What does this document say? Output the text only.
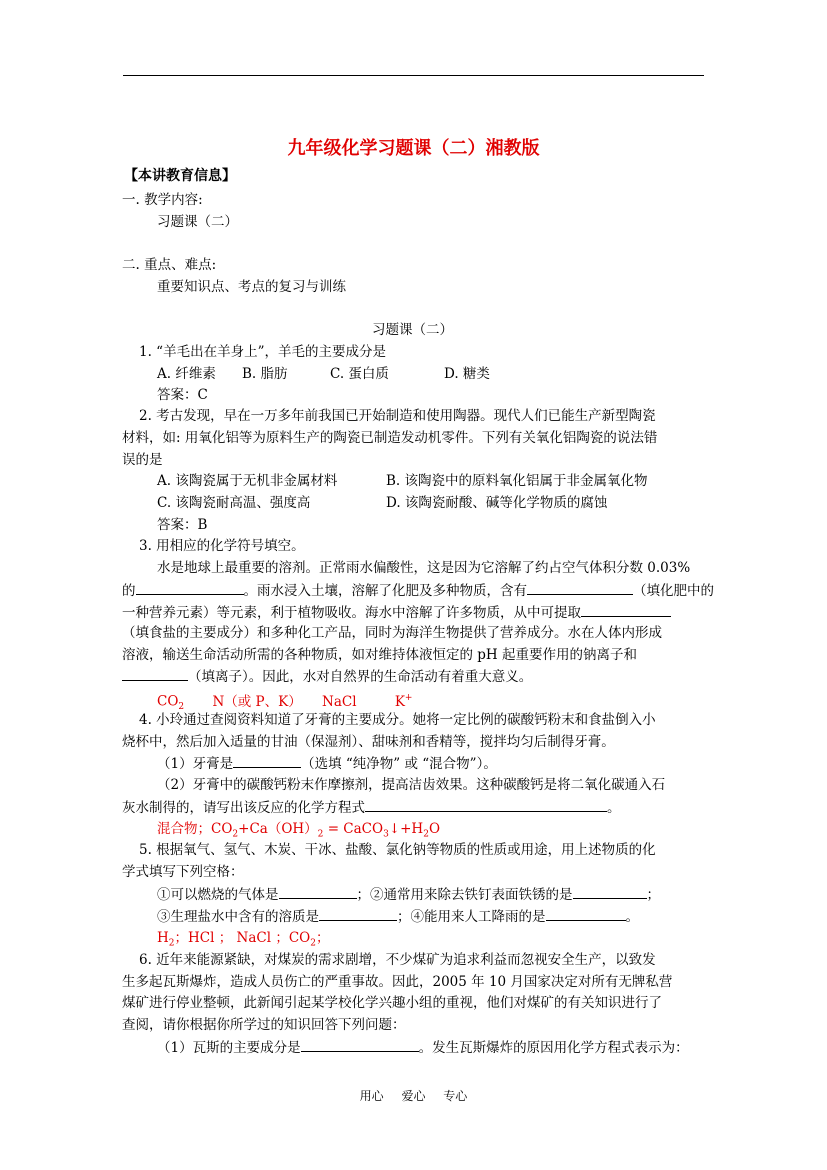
九年级化学习题课（二）湘教版
【本讲教育信息】
一. 教学内容:
习题课（二）
二. 重点、难点:
重要知识点、考点的复习与训练
习题课（二）
1. “羊毛出在羊身上”，羊毛的主要成分是
A. 纤维素 B. 脂肪	C. 蛋白质	D. 糖类
答案：C
2. 考古发现，早在一万多年前我国已开始制造和使用陶器。现代人们已能生产新型陶瓷
材料，如: 用氧化铝等为原料生产的陶瓷已制造发动机零件。下列有关氧化铝陶瓷的说法错
误的是
A. 该陶瓷属于无机非金属材料	B. 该陶瓷中的原料氧化铝属于非金属氧化物
C. 该陶瓷耐高温、强度高	D. 该陶瓷耐酸、碱等化学物质的腐蚀
答案：B
3. 用相应的化学符号填空。
水是地球上最重要的溶剂。正常雨水偏酸性，这是因为它溶解了约占空气体积分数 0.03%
的	。雨水浸入土壤，溶解了化肥及多种物质，含有	（填化肥中的
一种营养元素）等元素，利于植物吸收。海水中溶解了许多物质，从中可提取
（填食盐的主要成分）和多种化工产品，同时为海洋生物提供了营养成分。水在人体内形成
溶液，输送生命活动所需的各种物质，如对维持体液恒定的 pH 起重要作用的钠离子和
（填离子）。因此，水对自然界的生命活动有着重大意义。
$CO_2$ N（或 P、K） NaCl	K+
4. 小玲通过查阅资料知道了牙膏的主要成分。她将一定比例的碳酸钙粉末和食盐倒入小
烧杯中，然后加入适量的甘油（保湿剂）、甜味剂和香精等，搅拌均匀后制得牙膏。
（1）牙膏是	（选填 “纯净物” 或 “混合物”）。
（2）牙膏中的碳酸钙粉末作摩擦剂，提高洁齿效果。这种碳酸钙是将二氧化碳通入石
灰水制得的，请写出该反应的化学方程式	。
混合物；$CO_2+Ca(OH)_2$ = $CaCO_3↓+H_2O$
5. 根据氧气、氢气、木炭、干冰、盐酸、氯化钠等物质的性质或用途，用上述物质的化
学式填写下列空格：
①可以燃烧的气体是	；②通常用来除去铁钉表面铁锈的是	；
③生理盐水中含有的溶质是	；④能用来人工降雨的是	。
$H_2$；HCl ； NaCl ；$CO_2$；
6. 近年来能源紧缺，对煤炭的需求剧增，不少煤矿为追求利益而忽视安全生产，以致发
生多起瓦斯爆炸，造成人员伤亡的严重事故。因此，2005 年 10 月国家决定对所有无牌私营
煤矿进行停业整顿，此新闻引起某学校化学兴趣小组的重视，他们对煤矿的有关知识进行了
查阅，请你根据你所学过的知识回答下列问题：
（1）瓦斯的主要成分是	。发生瓦斯爆炸的原因用化学方程式表示为：
用心 爱心 专心
